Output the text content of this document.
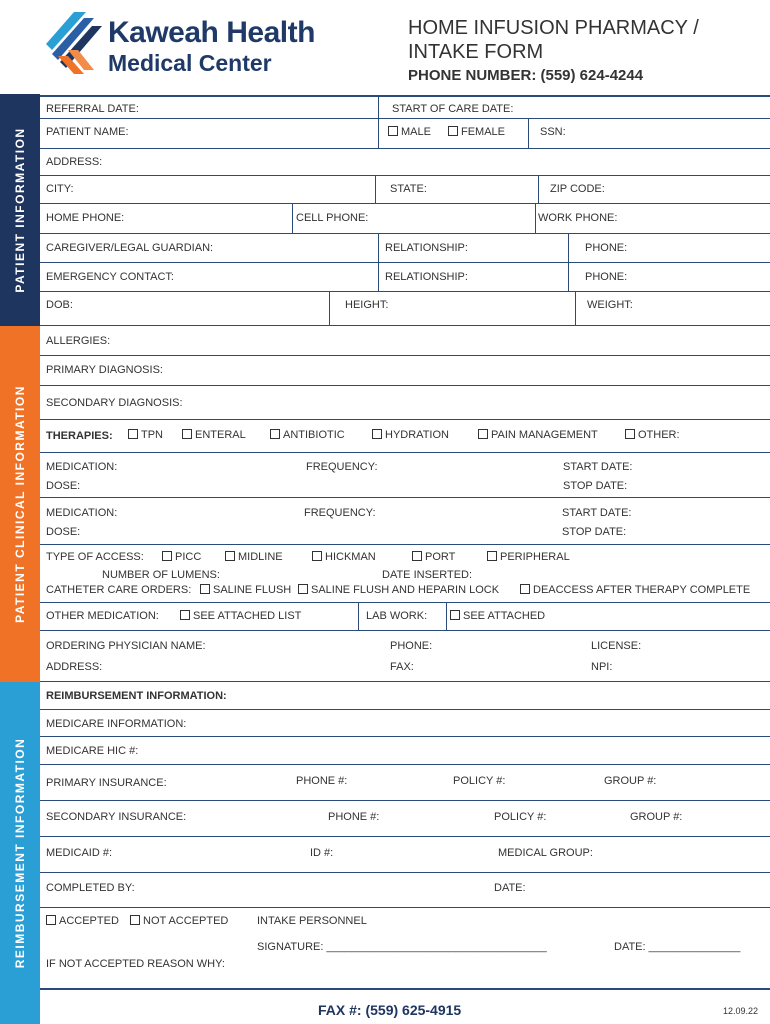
Kaweah Health
Medical Center
HOME INFUSION PHARMACY /
INTAKE FORM
PHONE NUMBER: (559) 624-4244
PATIENT INFORMATION
PATIENT CLINICAL INFORMATION
REIMBURSEMENT INFORMATION
REFERRAL DATE:	START OF CARE DATE:
PATIENT NAME:	MALE	FEMALE	SSN:
ADDRESS:
CITY:	STATE:	ZIP CODE:
HOME PHONE:	CELL PHONE:	WORK PHONE:
CAREGIVER/LEGAL GUARDIAN:	RELATIONSHIP:	PHONE:
EMERGENCY CONTACT:	RELATIONSHIP:	PHONE:
DOB:	HEIGHT:	WEIGHT:
ALLERGIES:
PRIMARY DIAGNOSIS:
SECONDARY DIAGNOSIS:
THERAPIES:	TPN	ENTERAL	ANTIBIOTIC	HYDRATION	PAIN MANAGEMENT	OTHER:
MEDICATION:	FREQUENCY:	START DATE:
DOSE:	STOP DATE:
MEDICATION:	FREQUENCY:	START DATE:
DOSE:	STOP DATE:
TYPE OF ACCESS:	PICC	MIDLINE	HICKMAN	PORT	PERIPHERAL
NUMBER OF LUMENS:	DATE INSERTED:
CATHETER CARE ORDERS:	SALINE FLUSH	SALINE FLUSH AND HEPARIN LOCK	DEACCESS AFTER THERAPY COMPLETE
OTHER MEDICATION:	SEE ATTACHED LIST	LAB WORK:	SEE ATTACHED
ORDERING PHYSICIAN NAME:	PHONE:	LICENSE:
ADDRESS:	FAX:	NPI:
REIMBURSEMENT INFORMATION:
MEDICARE INFORMATION:
MEDICARE HIC #:
PRIMARY INSURANCE:	PHONE #:	POLICY #:	GROUP #:
SECONDARY INSURANCE:	PHONE #:	POLICY #:	GROUP #:
MEDICAID #:	ID #:	MEDICAL GROUP:
COMPLETED BY:	DATE:
ACCEPTED	NOT ACCEPTED	INTAKE PERSONNEL
SIGNATURE: ____________________________________	DATE: _______________
IF NOT ACCEPTED REASON WHY:
FAX #: (559) 625-4915	12.09.22
